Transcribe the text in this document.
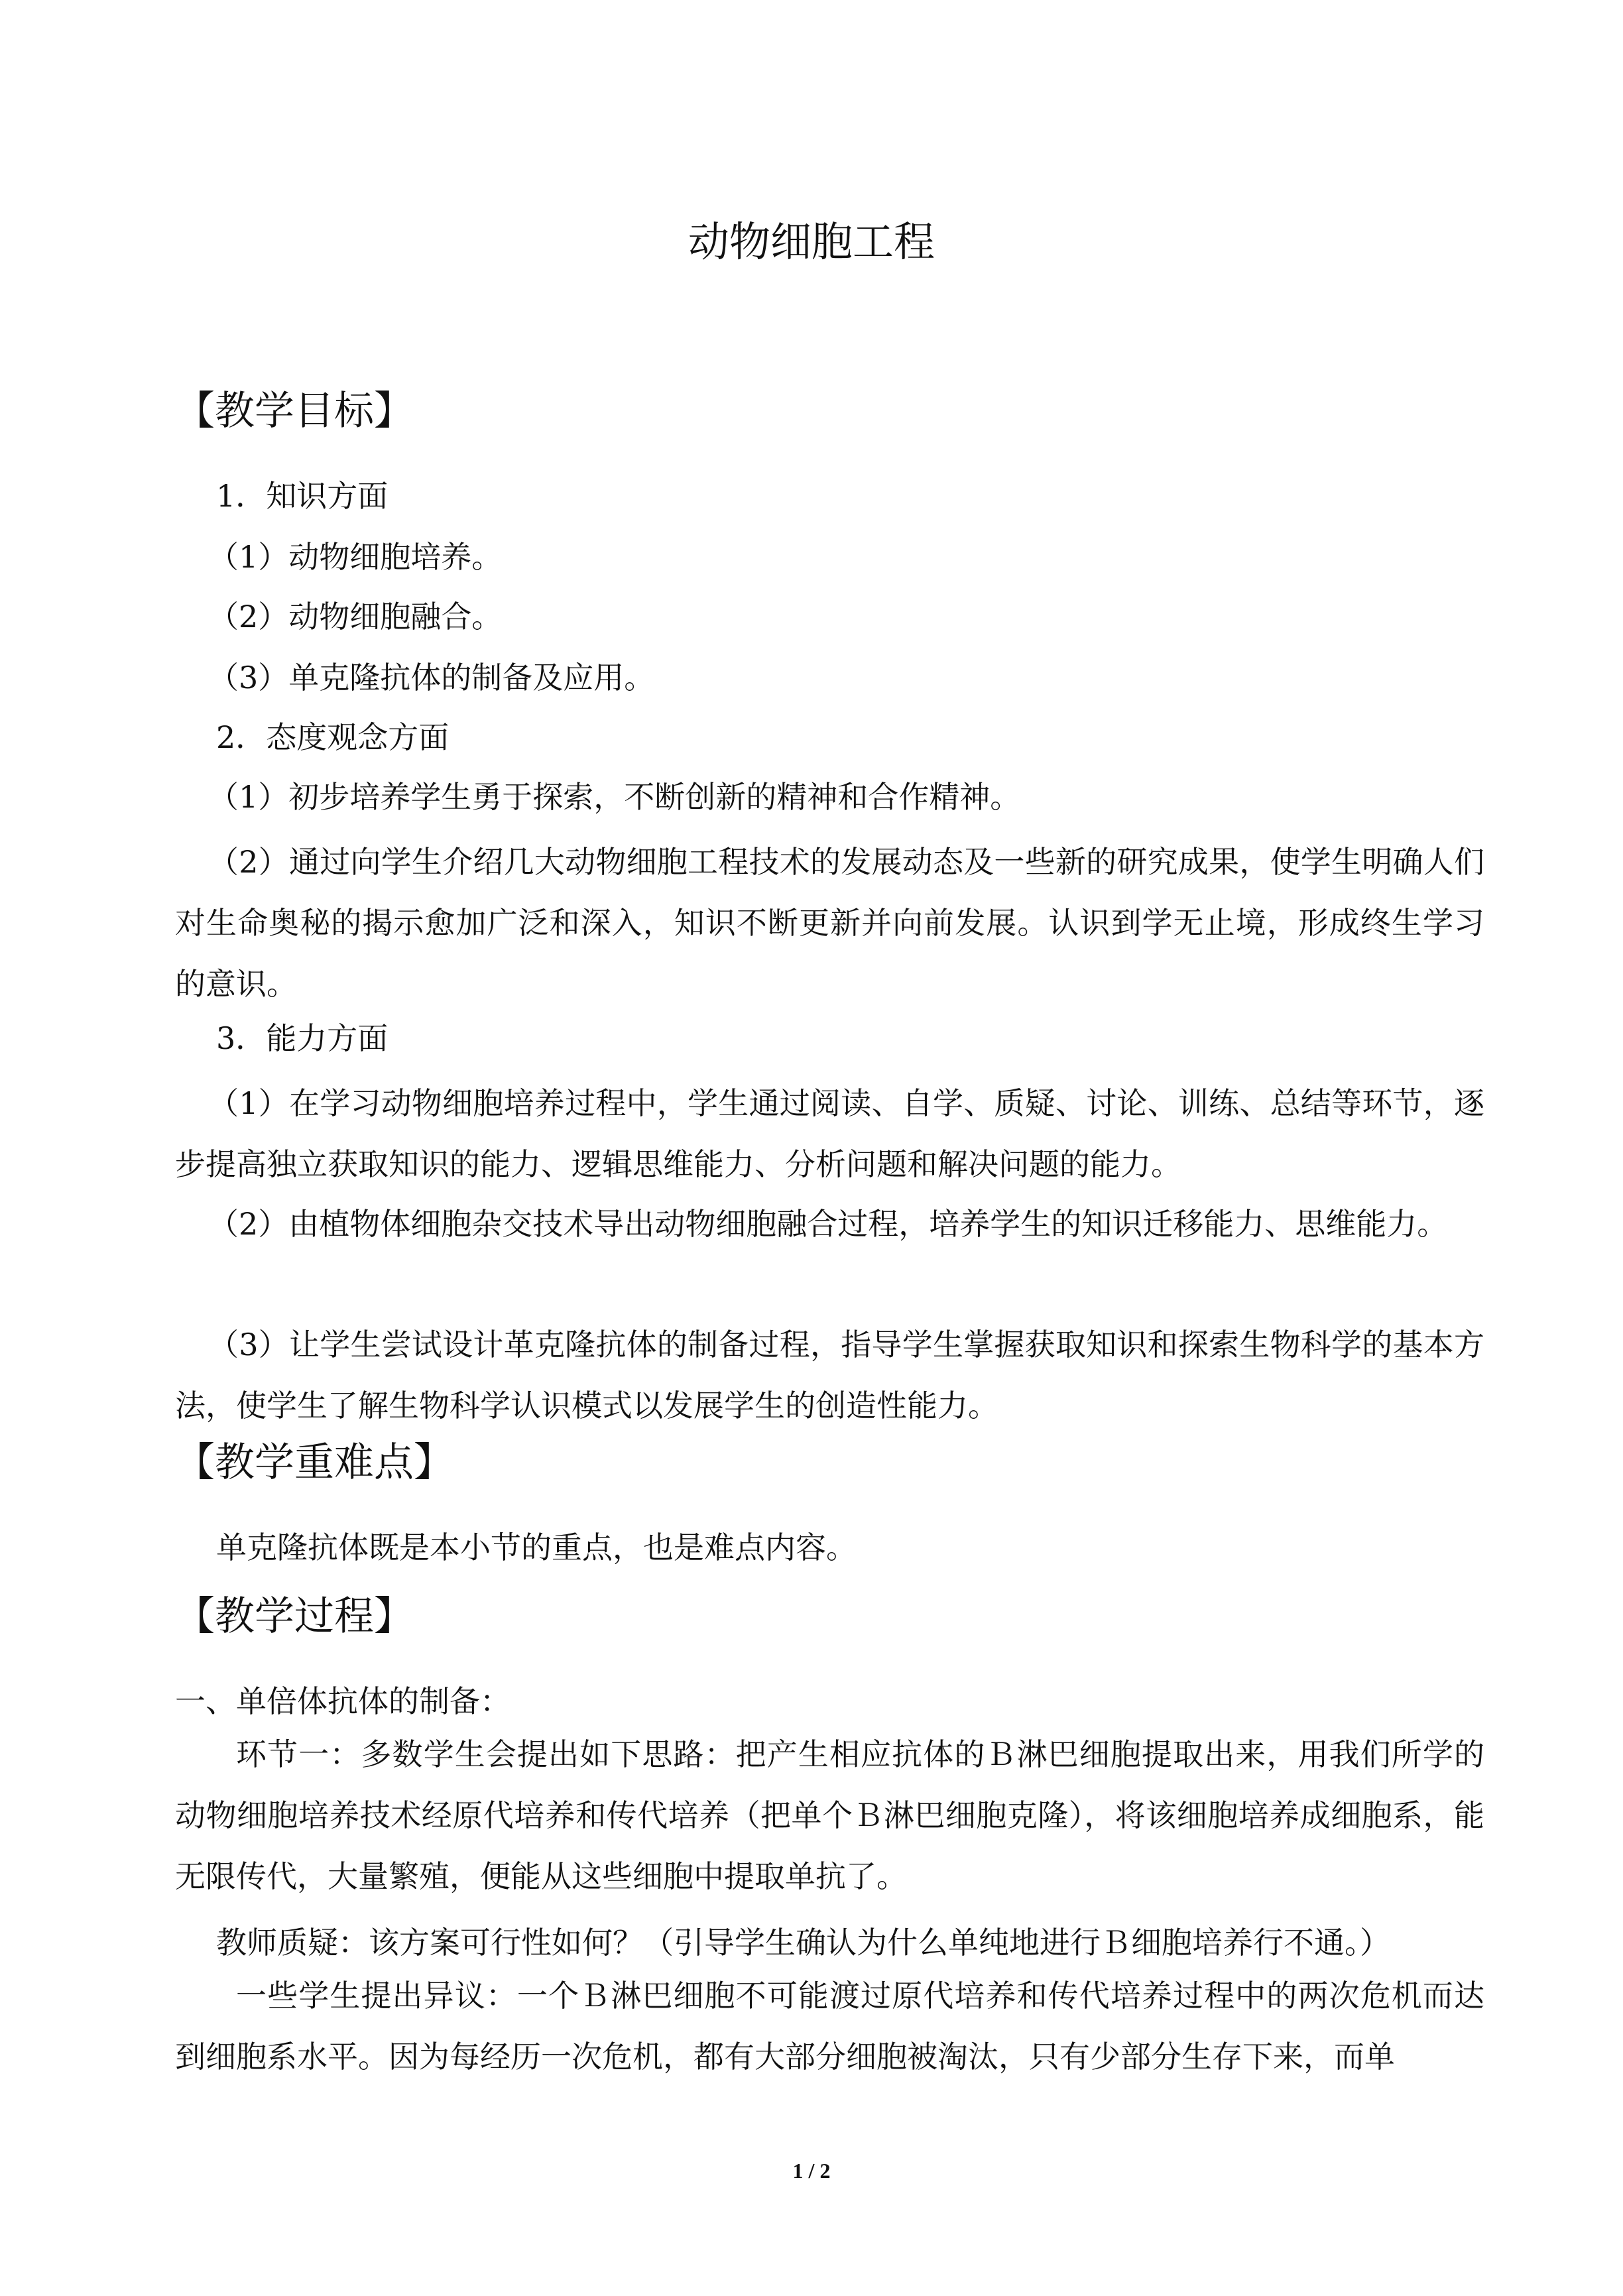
动物细胞工程
【教学目标】
1．知识方面
（1）动物细胞培养。
（2）动物细胞融合。
（3）单克隆抗体的制备及应用。
2．态度观念方面
（1）初步培养学生勇于探索，不断创新的精神和合作精神。
（2）通过向学生介绍几大动物细胞工程技术的发展动态及一些新的研究成果，使学生明确人们对生命奥秘的揭示愈加广泛和深入，知识不断更新并向前发展。认识到学无止境，形成终生学习的意识。
3．能力方面
（1）在学习动物细胞培养过程中，学生通过阅读、自学、质疑、讨论、训练、总结等环节，逐步提高独立获取知识的能力、逻辑思维能力、分析问题和解决问题的能力。
（2）由植物体细胞杂交技术导出动物细胞融合过程，培养学生的知识迁移能力、思维能力。
（3）让学生尝试设计革克隆抗体的制备过程，指导学生掌握获取知识和探索生物科学的基本方法，使学生了解生物科学认识模式以发展学生的创造性能力。
【教学重难点】
单克隆抗体既是本小节的重点，也是难点内容。
【教学过程】
一、单倍体抗体的制备：
环节一：多数学生会提出如下思路：把产生相应抗体的Ｂ淋巴细胞提取出来，用我们所学的动物细胞培养技术经原代培养和传代培养（把单个Ｂ淋巴细胞克隆），将该细胞培养成细胞系，能无限传代，大量繁殖，便能从这些细胞中提取单抗了。
教师质疑：该方案可行性如何？（引导学生确认为什么单纯地进行Ｂ细胞培养行不通。）
一些学生提出异议：一个Ｂ淋巴细胞不可能渡过原代培养和传代培养过程中的两次危机而达到细胞系水平。因为每经历一次危机，都有大部分细胞被淘汰，只有少部分生存下来，而单
1 / 2
